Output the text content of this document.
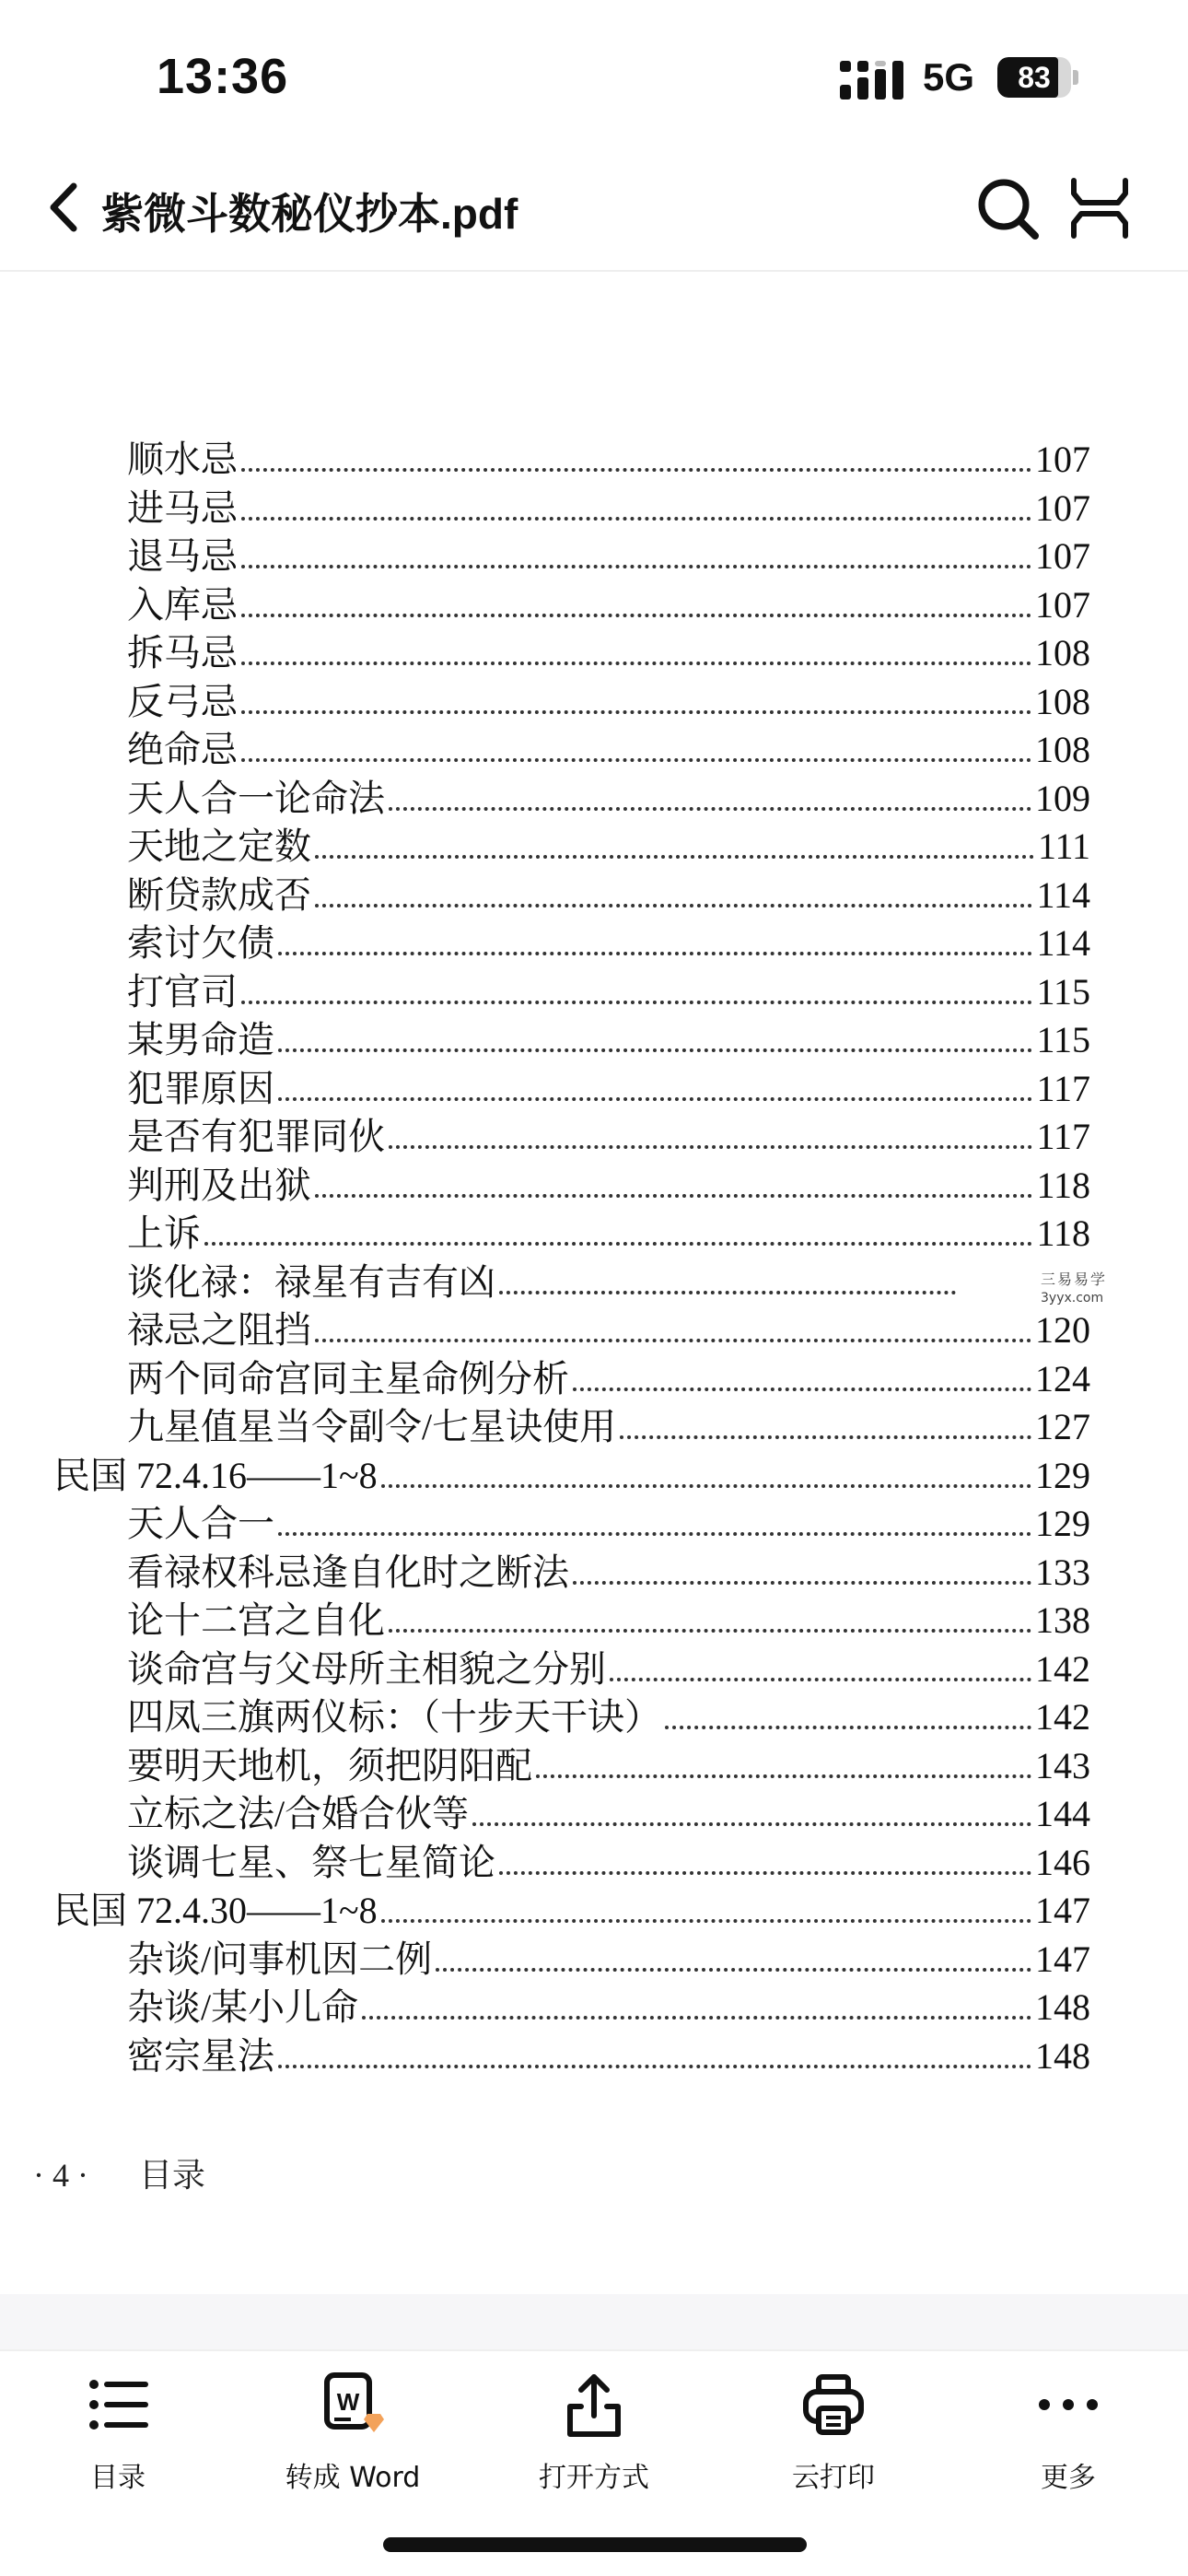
13:36	5G	83
紫微斗数秘仪抄本.pdf
顺水忌	107
进马忌	107
退马忌	107
入库忌	107
拆马忌	108
反弓忌	108
绝命忌	108
天人合一论命法	109
天地之定数	111
断贷款成否	114
索讨欠债	114
打官司	115
某男命造	115
犯罪原因	117
是否有犯罪同伙	117
判刑及出狱	118
上诉	118
谈化禄：禄星有吉有凶
禄忌之阻挡	120
两个同命宫同主星命例分析	124
九星值星当令副令/七星诀使用	127
民国 72.4.16——1~8	129
天人合一	129
看禄权科忌逢自化时之断法	133
论十二宫之自化	138
谈命宫与父母所主相貌之分别	142
四凤三旗两仪标：（十步天干诀）	142
要明天地机，须把阴阳配	143
立标之法/合婚合伙等	144
谈调七星、祭七星简论	146
民国 72.4.30——1~8	147
杂谈/问事机因二例	147
杂谈/某小儿命	148
密宗星法	148
三易易学
3yyx.com
· 4 · 目录
目录
W
转成 Word	打开方式	云打印	更多
